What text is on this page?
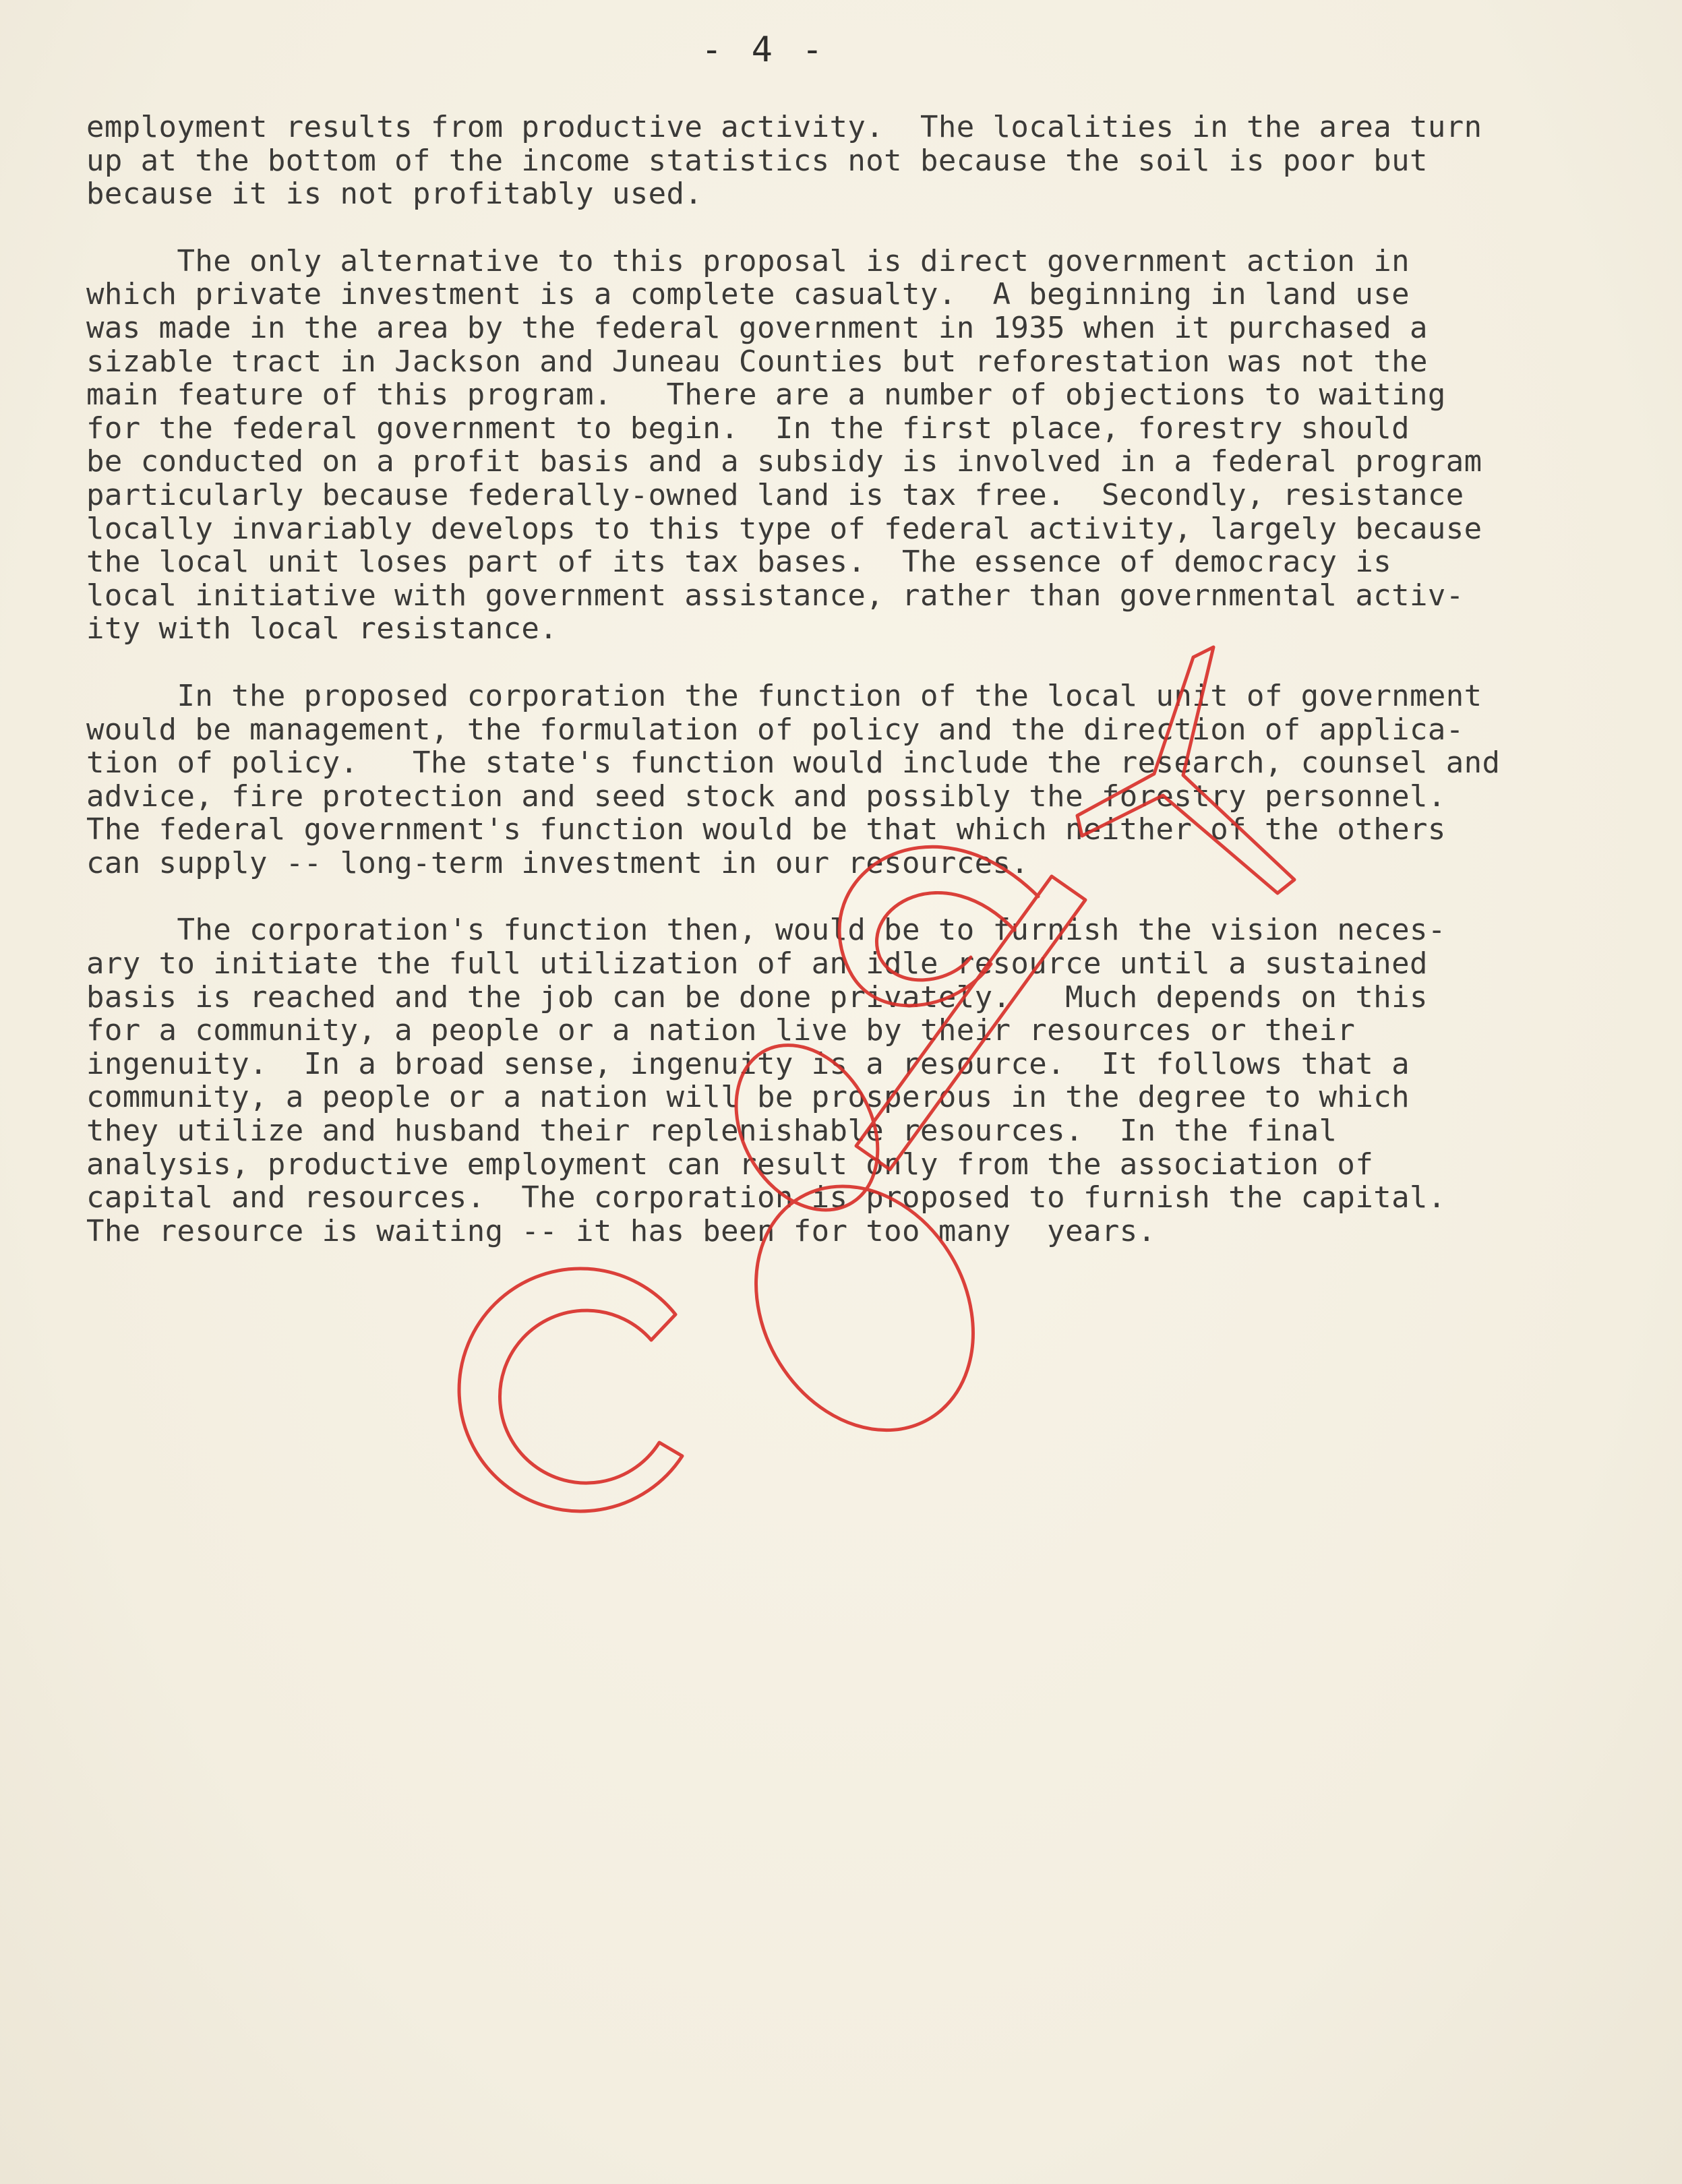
- 4 -
employment results from productive activity.  The localities in the area turn
up at the bottom of the income statistics not because the soil is poor but
because it is not profitably used.
The only alternative to this proposal is direct government action in
which private investment is a complete casualty.  A beginning in land use
was made in the area by the federal government in 1935 when it purchased a
sizable tract in Jackson and Juneau Counties but reforestation was not the
main feature of this program.   There are a number of objections to waiting
for the federal government to begin.  In the first place, forestry should
be conducted on a profit basis and a subsidy is involved in a federal program
particularly because federally-owned land is tax free.  Secondly, resistance
locally invariably develops to this type of federal activity, largely because
the local unit loses part of its tax bases.  The essence of democracy is
local initiative with government assistance, rather than governmental activ-
ity with local resistance.
In the proposed corporation the function of the local unit of government
would be management, the formulation of policy and the direction of applica-
tion of policy.   The state's function would include the research, counsel and
advice, fire protection and seed stock and possibly the forestry personnel.
The federal government's function would be that which neither of the others
can supply -- long-term investment in our resources.
The corporation's function then, would be to furnish the vision neces-
ary to initiate the full utilization of an idle resource until a sustained
basis is reached and the job can be done privately.   Much depends on this
for a community, a people or a nation live by their resources or their
ingenuity.  In a broad sense, ingenuity is a resource.  It follows that a
community, a people or a nation will be prosperous in the degree to which
they utilize and husband their replenishable resources.  In the final
analysis, productive employment can result only from the association of
capital and resources.  The corporation is proposed to furnish the capital.
The resource is waiting -- it has been for too many  years.
